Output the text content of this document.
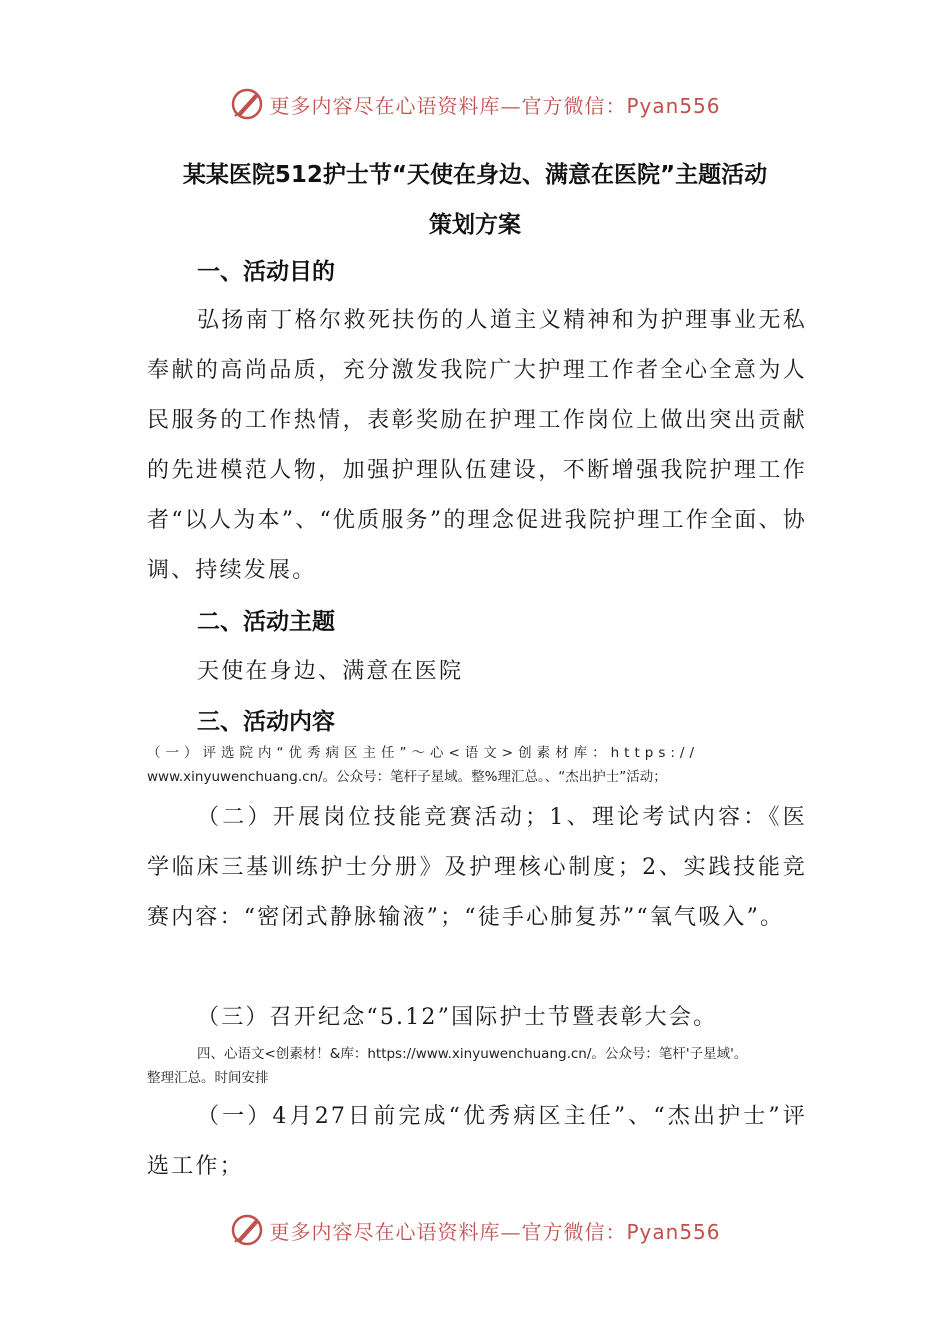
更多内容尽在心语资料库—官方微信：Pyan556
某某医院512护士节“天使在身边、满意在医院”主题活动
策划方案
一、活动目的
弘扬南丁格尔救死扶伤的人道主义精神和为护理事业无私奉献的高尚品质，充分激发我院广大护理工作者全心全意为人民服务的工作热情，表彰奖励在护理工作岗位上做出突出贡献的先进模范人物，加强护理队伍建设，不断增强我院护理工作者“以人为本”、“优质服务”的理念促进我院护理工作全面、协调、持续发展。
二、活动主题
天使在身边、满意在医院
三、活动内容
（一）评选院内“优秀病区主任”～心<语文>创素材库：https://
www.xinyuwenchuang.cn/。公众号：笔杆子星域。整%理汇总。、“杰出护士”活动；
（二）开展岗位技能竞赛活动；1、理论考试内容：《医学临床三基训练护士分册》及护理核心制度；2、实践技能竞赛内容：“密闭式静脉输液”；“徒手心肺复苏”“氧气吸入”。
（三）召开纪念“5.12”国际护士节暨表彰大会。
四、心语文<创素材！&库：https://www.xinyuwenchuang.cn/。公众号：笔杆'子星域'。
整理汇总。时间安排
（一）4月27日前完成“优秀病区主任”、“杰出护士”评选工作；
更多内容尽在心语资料库—官方微信：Pyan556
